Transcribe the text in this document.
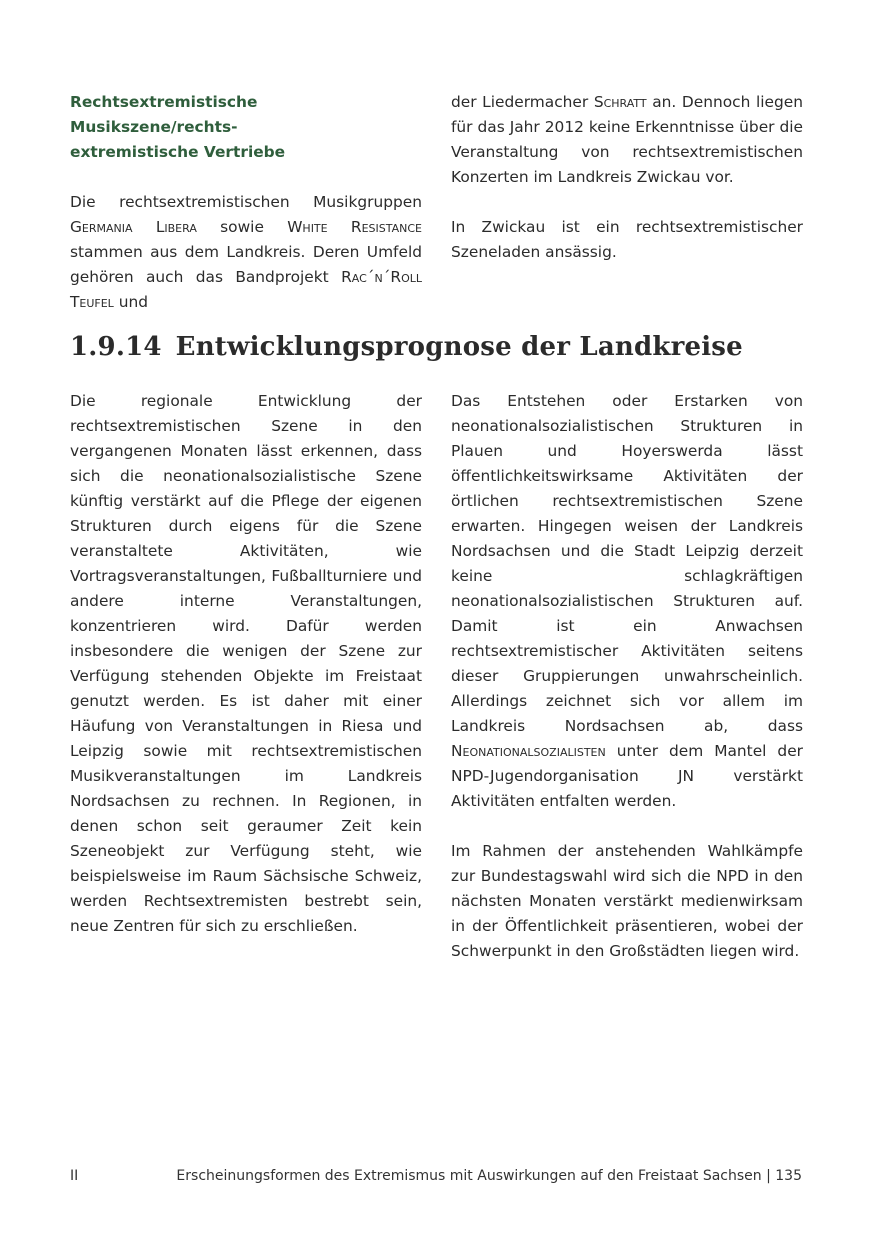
Rechtsextremistische Musikszene/rechts-
extremistische Vertriebe

Die rechtsextremistischen Musikgruppen Germania Libera sowie White Resistance stammen aus dem Landkreis. Deren Umfeld gehören auch das Bandprojekt Rac´n´Roll Teufel und

der Liedermacher Schratt an. Dennoch liegen für das Jahr 2012 keine Erkenntnisse über die Veranstaltung von rechtsextremistischen Konzerten im Landkreis Zwickau vor.

In Zwickau ist ein rechtsextremistischer Szeneladen ansässig.

1.9.14 Entwicklungsprognose der Landkreise

Die regionale Entwicklung der rechtsextremistischen Szene in den vergangenen Monaten lässt erkennen, dass sich die neonationalsozialistische Szene künftig verstärkt auf die Pflege der eigenen Strukturen durch eigens für die Szene veranstaltete Aktivitäten, wie Vortragsveranstaltungen, Fußballturniere und andere interne Veranstaltungen, konzentrieren wird. Dafür werden insbesondere die wenigen der Szene zur Verfügung stehenden Objekte im Freistaat genutzt werden. Es ist daher mit einer Häufung von Veranstaltungen in Riesa und Leipzig sowie mit rechtsextremistischen Musikveranstaltungen im Landkreis Nordsachsen zu rechnen. In Regionen, in denen schon seit geraumer Zeit kein Szeneobjekt zur Verfügung steht, wie beispielsweise im Raum Sächsische Schweiz, werden Rechtsextremisten bestrebt sein, neue Zentren für sich zu erschließen.

Das Entstehen oder Erstarken von neonationalsozialistischen Strukturen in Plauen und Hoyerswerda lässt öffentlichkeitswirksame Aktivitäten der örtlichen rechtsextremistischen Szene erwarten. Hingegen weisen der Landkreis Nordsachsen und die Stadt Leipzig derzeit keine schlagkräftigen neonationalsozialistischen Strukturen auf. Damit ist ein Anwachsen rechtsextremistischer Aktivitäten seitens dieser Gruppierungen unwahrscheinlich. Allerdings zeichnet sich vor allem im Landkreis Nordsachsen ab, dass Neonationalsozialisten unter dem Mantel der NPD-Jugendorganisation JN verstärkt Aktivitäten entfalten werden.

Im Rahmen der anstehenden Wahlkämpfe zur Bundestagswahl wird sich die NPD in den nächsten Monaten verstärkt medienwirksam in der Öffentlichkeit präsentieren, wobei der Schwerpunkt in den Großstädten liegen wird.

II	Erscheinungsformen des Extremismus mit Auswirkungen auf den Freistaat Sachsen | 135
